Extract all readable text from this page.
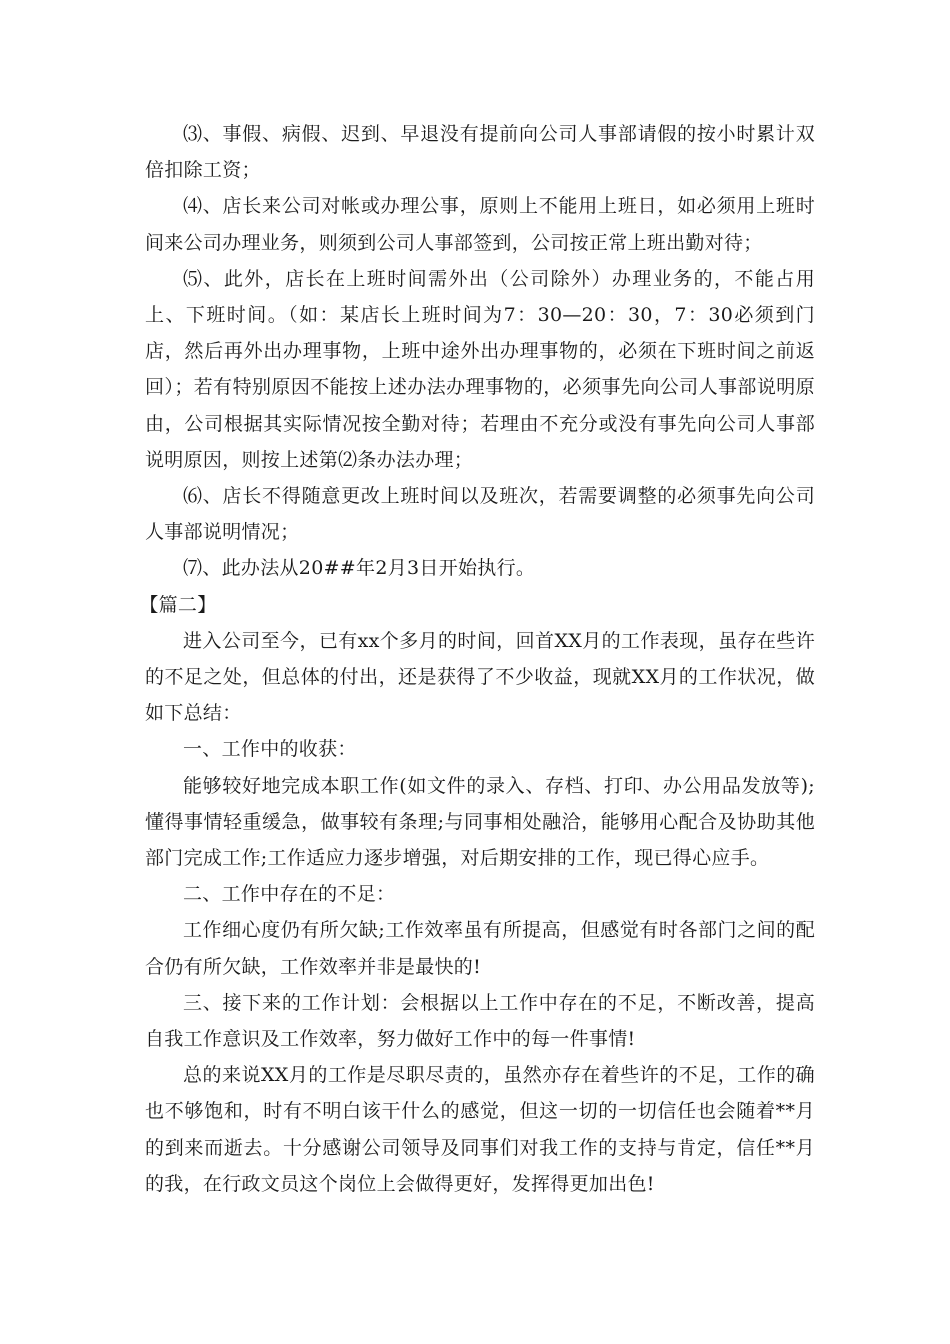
⑶、事假、病假、迟到、早退没有提前向公司人事部请假的按小时累计双倍扣除工资；

⑷、店长来公司对帐或办理公事，原则上不能用上班日，如必须用上班时间来公司办理业务，则须到公司人事部签到，公司按正常上班出勤对待；

⑸、此外，店长在上班时间需外出（公司除外）办理业务的，不能占用上、下班时间。（如：某店长上班时间为7：30—20：30，7：30必须到门店，然后再外出办理事物，上班中途外出办理事物的，必须在下班时间之前返回）；若有特别原因不能按上述办法办理事物的，必须事先向公司人事部说明原由，公司根据其实际情况按全勤对待；若理由不充分或没有事先向公司人事部说明原因，则按上述第⑵条办法办理；

⑹、店长不得随意更改上班时间以及班次，若需要调整的必须事先向公司人事部说明情况；

⑺、此办法从20##年2月3日开始执行。

【篇二】

进入公司至今，已有xx个多月的时间，回首XX月的工作表现，虽存在些许的不足之处，但总体的付出，还是获得了不少收益，现就XX月的工作状况，做如下总结：

一、工作中的收获：

能够较好地完成本职工作(如文件的录入、存档、打印、办公用品发放等);懂得事情轻重缓急，做事较有条理;与同事相处融洽，能够用心配合及协助其他部门完成工作;工作适应力逐步增强，对后期安排的工作，现已得心应手。

二、工作中存在的不足：

工作细心度仍有所欠缺;工作效率虽有所提高，但感觉有时各部门之间的配合仍有所欠缺，工作效率并非是最快的!

三、接下来的工作计划：会根据以上工作中存在的不足，不断改善，提高自我工作意识及工作效率，努力做好工作中的每一件事情!

总的来说XX月的工作是尽职尽责的，虽然亦存在着些许的不足，工作的确也不够饱和，时有不明白该干什么的感觉，但这一切的一切信任也会随着**月的到来而逝去。十分感谢公司领导及同事们对我工作的支持与肯定，信任**月的我，在行政文员这个岗位上会做得更好，发挥得更加出色!
